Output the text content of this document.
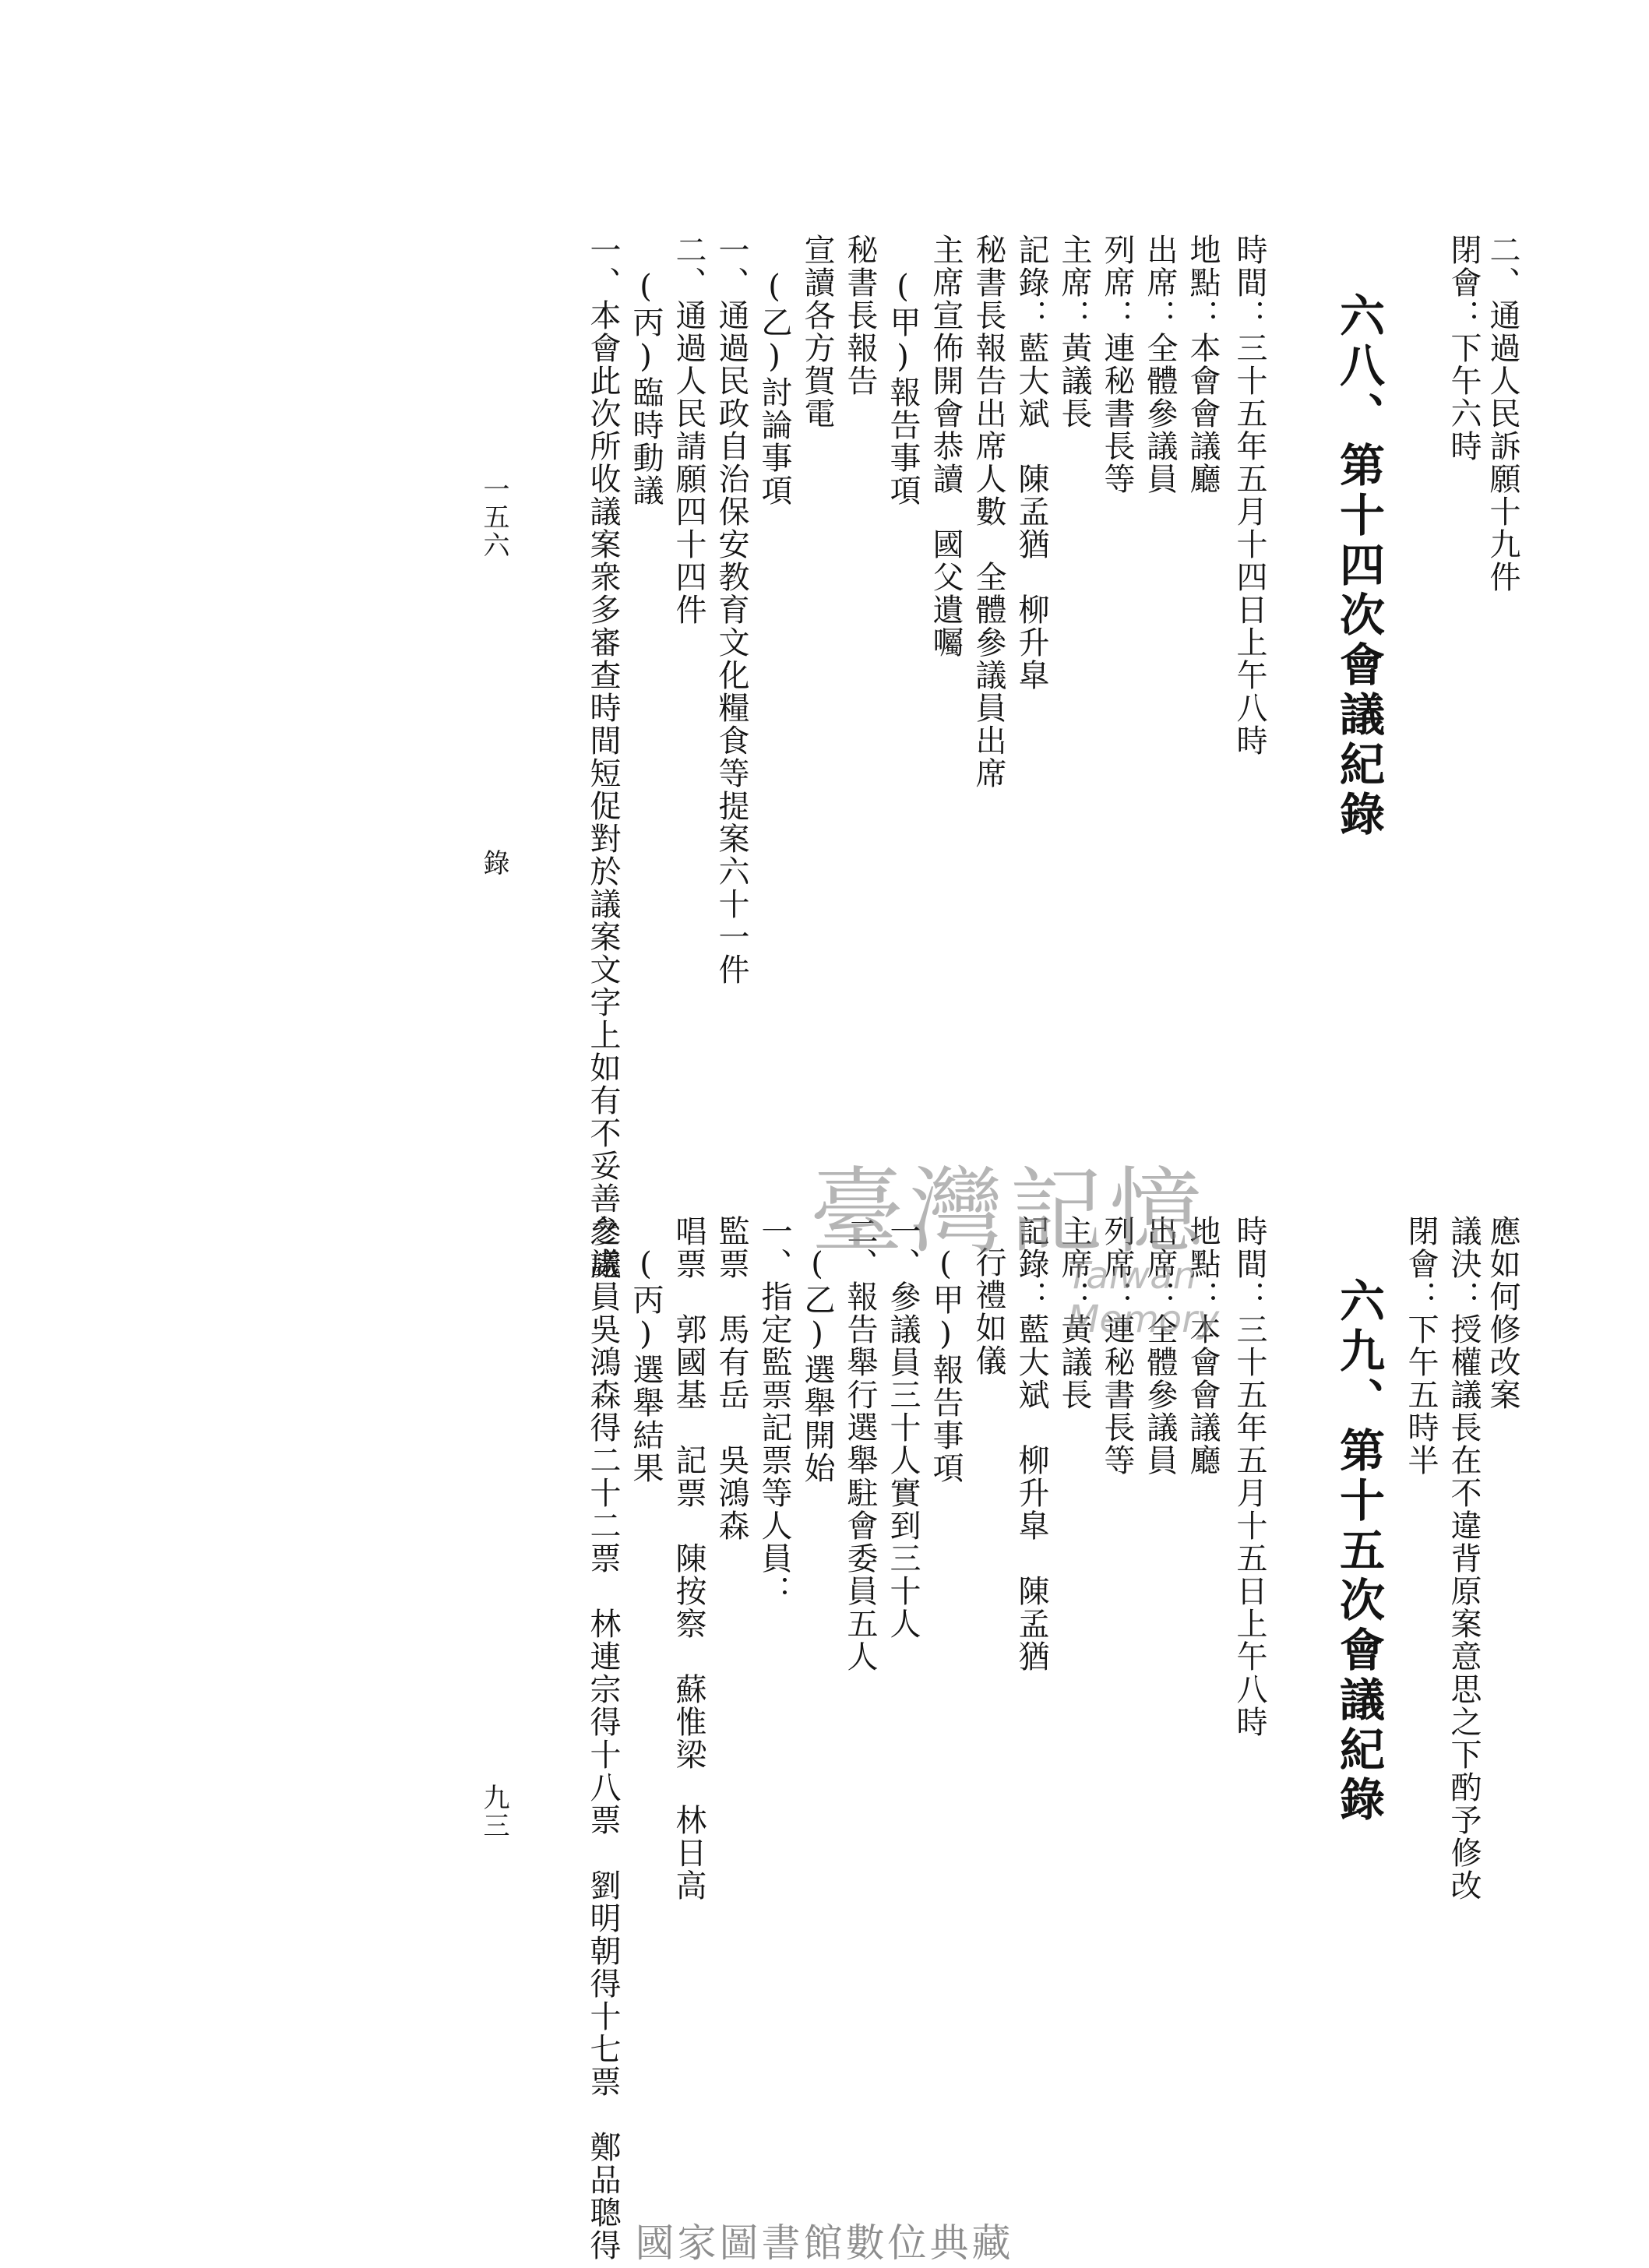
二、通過人民訴願十九件
閉會：下午六時
六八、第十四次會議紀錄
時間：三十五年五月十四日上午八時
地點：本會會議廳
出席：全體參議員
列席：連秘書長等
主席：黃議長
記錄：藍大斌　陳孟猶　柳升皐
秘書長報告出席人數　全體參議員出席
主席宣佈開會恭讀　國父遺囑
(甲)報告事項
秘書長報告
宣讀各方賀電
(乙)討論事項
一、通過民政自治保安教育文化糧食等提案六十一件
二、通過人民請願四十四件
(丙)臨時動議
一、本會此次所收議案衆多審查時間短促對於議案文字上如有不妥善之處
一五六
錄
應如何修改案
議決：授權議長在不違背原案意思之下酌予修改
閉會：下午五時半
六九、第十五次會議紀錄
時間：三十五年五月十五日上午八時
地點：本會會議廳
出席：全體參議員
列席：連秘書長等
主席：黃議長
記錄：藍大斌　柳升皐　陳孟猶
行禮如儀
(甲)報告事項
一、參議員三十人實到三十人
二、報告舉行選舉駐會委員五人
(乙)選舉開始
一、指定監票記票等人員：
監票　馬有岳　吳鴻森
唱票　郭國基　記票　陳按察　蘇惟梁　林日高
(丙)選舉結果
參議員吳鴻森得二十二票　林連宗得十八票　劉明朝得十七票　鄭品聰得
九三
臺灣記憶
Taiwan Memory
國家圖書館數位典藏
